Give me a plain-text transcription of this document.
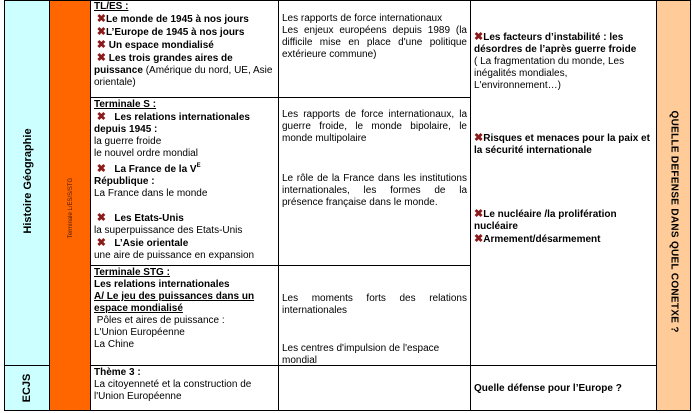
Histoire Géographie
ECJS
Terminale L/ES/S/STG	QUELLE DEFENSE DANS QUEL CONETXE ?

TL/ES :

✖Le monde de 1945 à nos jours

✖L’Europe de 1945 à nos jours

✖ Un espace mondialisé

✖ Les trois grandes aires de puissance (Amérique du nord, UE, Asie orientale)

Les rapports de force internationaux

Les enjeux européens depuis 1989 (la difficile mise en place d'une politique extérieure commune)

Terminale S :

✖ Les relations internationales depuis 1945 :

la guerre froide

le nouvel ordre mondial

✖ La France de la $V^E$

République :

La France dans le monde

✖ Les Etats-Unis

la superpuissance des Etats-Unis

✖ L’Asie orientale

une aire de puissance en expansion

Les rapports de force internationaux, la guerre froide, le monde bipolaire, le monde multipolaire

Le rôle de la France dans les institutions internationales, les formes de la présence française dans le monde.

Terminale STG :

Les relations internationales

A/ Le jeu des puissances dans un espace mondialisé

Pôles et aires de puissance :

L'Union Européenne

La Chine

Les moments forts des relations internationales

Les centres d'impulsion de l'espace mondial

Thème 3 :

La citoyenneté et la construction de l'Union Européenne

Quelle défense pour l’Europe ?

✖Les facteurs d’instabilité : les désordres de l’après guerre froide

( La fragmentation du monde, Les inégalités mondiales, L'environnement…)

✖Risques et menaces pour la paix et la sécurité internationale

✖Le nucléaire /la prolifération nucléaire

✖Armement/désarmement
